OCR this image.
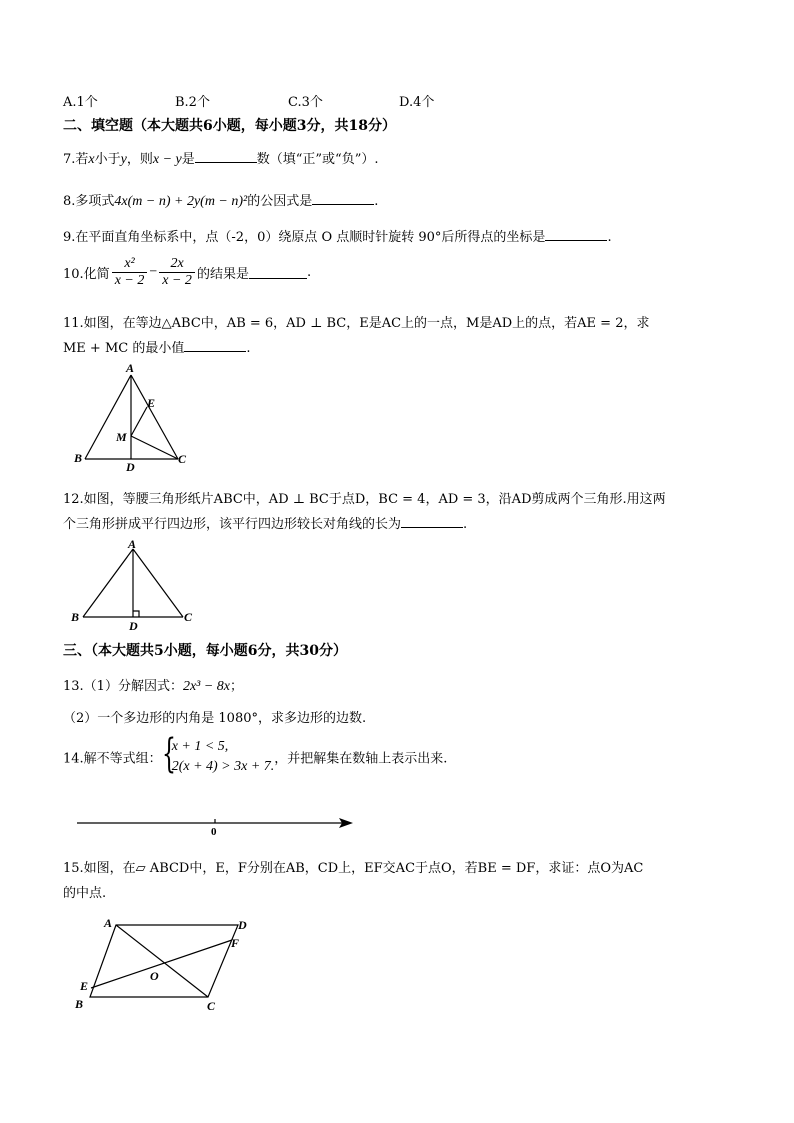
A.1个	B.2个	C.3个	D.4个
二、填空题（本大题共6小题，每小题3分，共18分）
7.若x小于y，则x − y是	数（填“正”或“负”）.
8.多项式4x(m − n) + 2y(m − n)²的公因式是	.
9.在平面直角坐标系中，点（-2，0）绕原点 O 点顺时针旋转 90°后所得点的坐标是	.
10.化简 $\frac{\text{x²}}{x - 2} - \frac{2x}{x - 2}$ 的结果是	.
11.如图，在等边△ABC中，AB = 6，AD ⊥ BC，E是AC上的一点，M是AD上的点，若AE = 2，求
ME + MC 的最小值	.
A
B	C
D
E
M
12.如图，等腰三角形纸片ABC中，AD ⊥ BC于点D，BC = 4，AD = 3，沿AD剪成两个三角形.用这两
个三角形拼成平行四边形，该平行四边形较长对角线的长为	.
A
B	C
D
三、（本大题共5小题，每小题6分，共30分）
13.（1）分解因式：2x³ − 8x；
（2）一个多边形的内角是 1080°，求多边形的边数.
14.解不等式组： {
x + 1 < 5,
2(x + 4) > 3x + 7. ，并把解集在数轴上表示出来.
0
15.如图，在▱ ABCD中，E，F分别在AB，CD上，EF交AC于点O，若BE = DF，求证：点O为AC
的中点.
A	D
F
O
E
B	C
